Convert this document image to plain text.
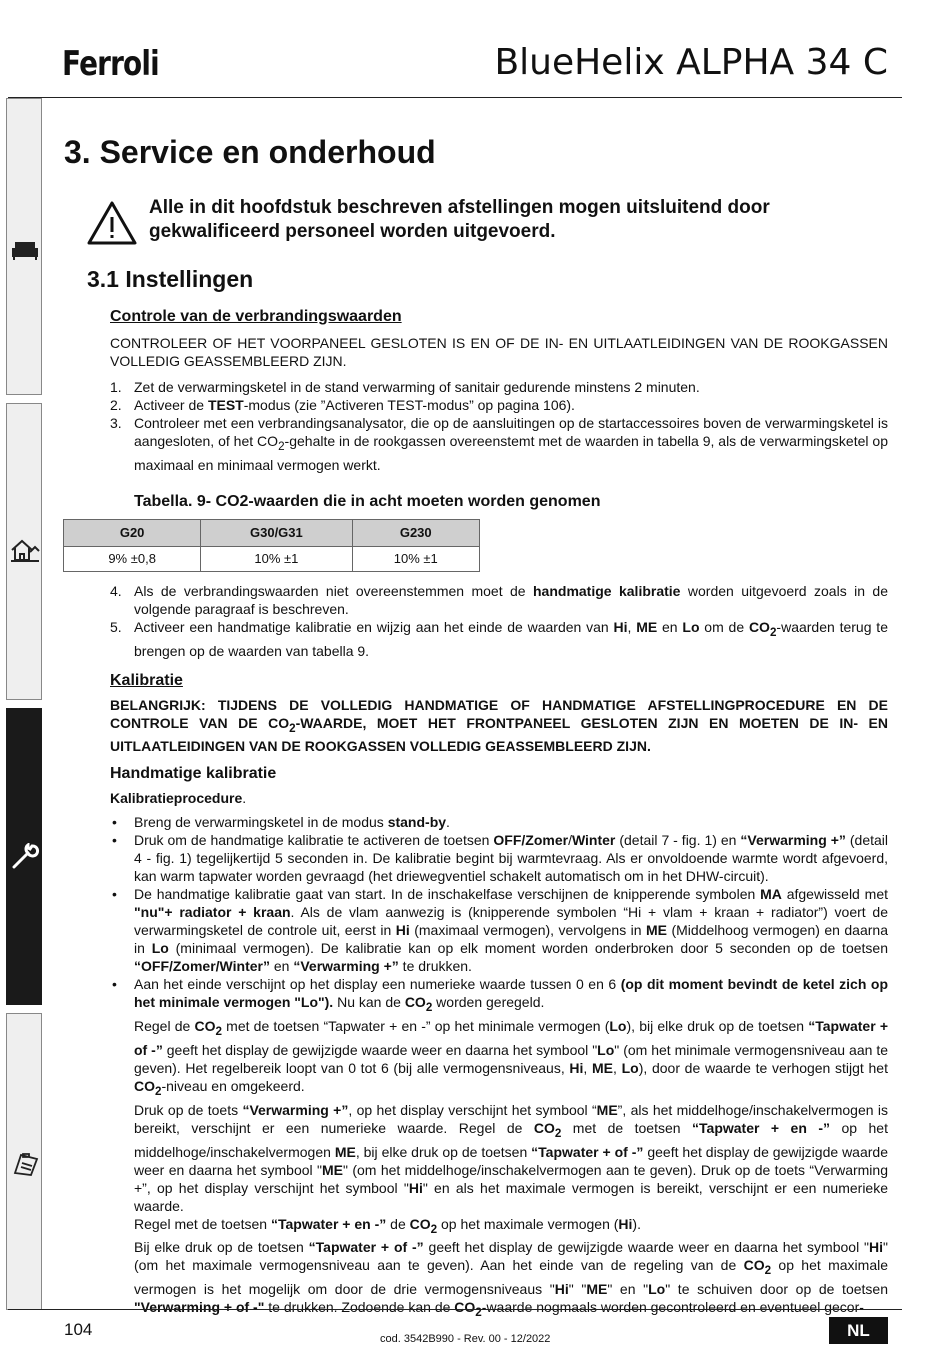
Ferroli	BlueHelix ALPHA 34 C
3. Service en onderhoud

Alle in dit hoofdstuk beschreven afstellingen mogen uitsluitend door gekwalificeerd personeel worden uitgevoerd.

3.1 Instellingen

Controle van de verbrandingswaarden

CONTROLEER OF HET VOORPANEEL GESLOTEN IS EN OF DE IN- EN UITLAATLEIDINGEN VAN DE ROOKGASSEN VOLLEDIG GEASSEMBLEERD ZIJN.

1. Zet de verwarmingsketel in de stand verwarming of sanitair gedurende minstens 2 minuten.
2. Activeer de TEST-modus (zie ”Activeren TEST-modus” op pagina 106).
3. Controleer met een verbrandingsanalysator, die op de aansluitingen op de startaccessoires boven de verwarmingsketel is aangesloten, of het $CO_2$-gehalte in de rookgassen overeenstemt met de waarden in tabella 9, als de verwarmingsketel op maximaal en minimaal vermogen werkt.

Tabella. 9- CO2-waarden die in acht moeten worden genomen

G20	G30/G31	G230
9% ±0,8	10% ±1	10% ±1
4. Als de verbrandingswaarden niet overeenstemmen moet de handmatige kalibratie worden uitgevoerd zoals in de volgende paragraaf is beschreven.
5. Activeer een handmatige kalibratie en wijzig aan het einde de waarden van Hi, ME en Lo om de $CO_2$-waarden terug te brengen op de waarden van tabella 9.

Kalibratie

BELANGRIJK: TIJDENS DE VOLLEDIG HANDMATIGE OF HANDMATIGE AFSTELLINGPROCEDURE EN DE CONTROLE VAN DE $CO_2$-WAARDE, MOET HET FRONTPANEEL GESLOTEN ZIJN EN MOETEN DE IN- EN UITLAATLEIDINGEN VAN DE ROOKGASSEN VOLLEDIG GEASSEMBLEERD ZIJN.

Handmatige kalibratie

Kalibratieprocedure.

• Breng de verwarmingsketel in de modus stand-by.
• Druk om de handmatige kalibratie te activeren de toetsen OFF/Zomer/Winter (detail 7 - fig. 1) en “Verwarming +” (detail 4 - fig. 1) tegelijkertijd 5 seconden in. De kalibratie begint bij warmtevraag. Als er onvoldoende warmte wordt afgevoerd, kan warm tapwater worden gevraagd (het driewegventiel schakelt automatisch om in het DHW-circuit).
• De handmatige kalibratie gaat van start. In de inschakelfase verschijnen de knipperende symbolen MA afgewisseld met "nu"+ radiator + kraan. Als de vlam aanwezig is (knipperende symbolen “Hi + vlam + kraan + radiator”) voert de verwarmingsketel de controle uit, eerst in Hi (maximaal vermogen), vervolgens in ME (Middelhoog vermogen) en daarna in Lo (minimaal vermogen). De kalibratie kan op elk moment worden onderbroken door 5 seconden op de toetsen “OFF/Zomer/Winter” en “Verwarming +” te drukken.
• Aan het einde verschijnt op het display een numerieke waarde tussen 0 en 6 (op dit moment bevindt de ketel zich op het minimale vermogen "Lo"). Nu kan de $CO_2$ worden geregeld.
Regel de $CO_2$ met de toetsen “Tapwater + en -” op het minimale vermogen (Lo), bij elke druk op de toetsen “Tapwater + of -” geeft het display de gewijzigde waarde weer en daarna het symbool "Lo" (om het minimale vermogensniveau aan te geven). Het regelbereik loopt van 0 tot 6 (bij alle vermogensniveaus, Hi, ME, Lo), door de waarde te verhogen stijgt het $CO_2$-niveau en omgekeerd.
Druk op de toets “Verwarming +”, op het display verschijnt het symbool “ME”, als het middelhoge/inschakelvermogen is bereikt, verschijnt er een numerieke waarde. Regel de $CO_2$ met de toetsen “Tapwater + en -” op het middelhoge/inschakelvermogen ME, bij elke druk op de toetsen “Tapwater + of -” geeft het display de gewijzigde waarde weer en daarna het symbool "ME" (om het middelhoge/inschakelvermogen aan te geven). Druk op de toets “Verwarming +”, op het display verschijnt het symbool "Hi" en als het maximale vermogen is bereikt, verschijnt er een numerieke waarde.
Regel met de toetsen “Tapwater + en -” de $CO_2$ op het maximale vermogen (Hi).
Bij elke druk op de toetsen “Tapwater + of -” geeft het display de gewijzigde waarde weer en daarna het symbool "Hi" (om het maximale vermogensniveau aan te geven). Aan het einde van de regeling van de $CO_2$ op het maximale vermogen is het mogelijk om door de drie vermogensniveaus "Hi" "ME" en "Lo" te schuiven door op de toetsen "Verwarming + of -" te drukken. Zodoende kan de $CO_2$-waarde nogmaals worden gecontroleerd en eventueel gecor-
104	cod. 3542B990 - Rev. 00 - 12/2022	NL
